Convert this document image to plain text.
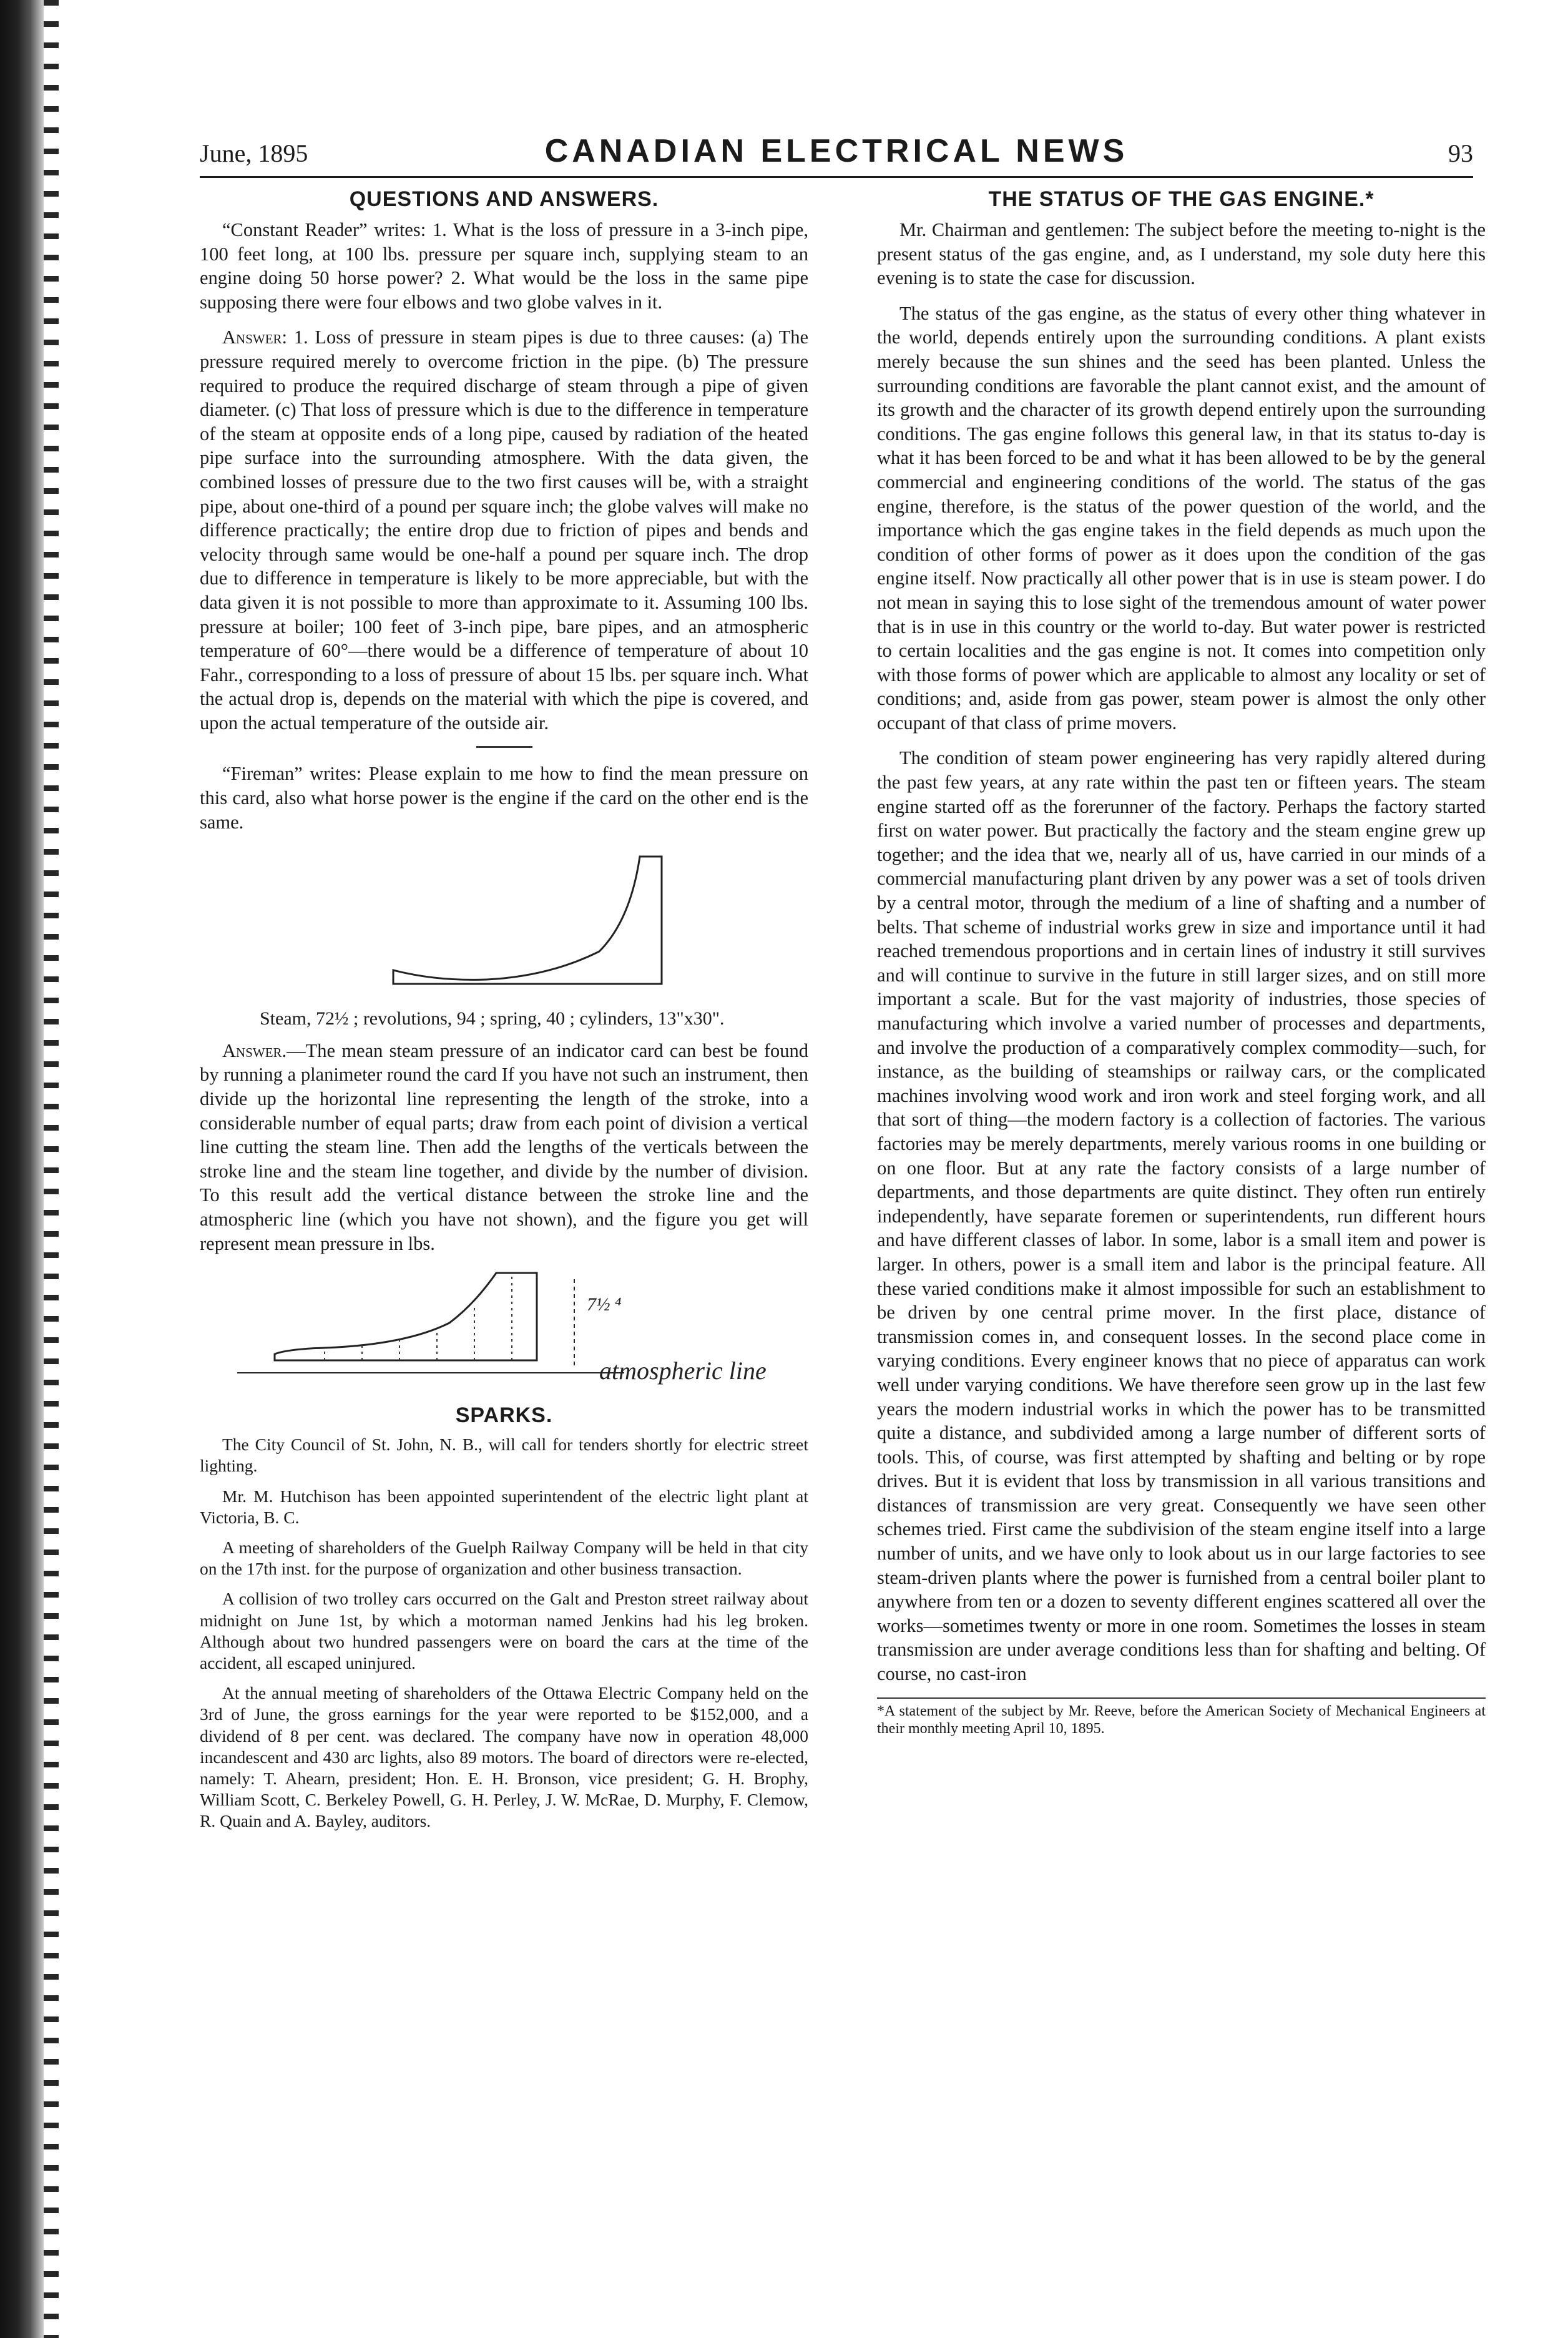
June, 1895	CANADIAN ELECTRICAL NEWS	93
QUESTIONS AND ANSWERS.

“Constant Reader” writes: 1. What is the loss of pressure in a 3-inch pipe, 100 feet long, at 100 lbs. pressure per square inch, supplying steam to an engine doing 50 horse power? 2. What would be the loss in the same pipe supposing there were four elbows and two globe valves in it.

Answer: 1. Loss of pressure in steam pipes is due to three causes: (a) The pressure required merely to overcome friction in the pipe. (b) The pressure required to produce the required discharge of steam through a pipe of given diameter. (c) That loss of pressure which is due to the difference in temperature of the steam at opposite ends of a long pipe, caused by radiation of the heated pipe surface into the surrounding atmosphere. With the data given, the combined losses of pressure due to the two first causes will be, with a straight pipe, about one-third of a pound per square inch; the globe valves will make no difference practically; the entire drop due to friction of pipes and bends and velocity through same would be one-half a pound per square inch. The drop due to difference in temperature is likely to be more appreciable, but with the data given it is not possible to more than approximate to it. Assuming 100 lbs. pressure at boiler; 100 feet of 3-inch pipe, bare pipes, and an atmospheric temperature of 60°—there would be a difference of temperature of about 10 Fahr., corresponding to a loss of pressure of about 15 lbs. per square inch. What the actual drop is, depends on the material with which the pipe is covered, and upon the actual temperature of the outside air.

“Fireman” writes: Please explain to me how to find the mean pressure on this card, also what horse power is the engine if the card on the other end is the same.

Steam, 72½ ; revolutions, 94 ; spring, 40 ; cylinders, 13"x30".

Answer.—The mean steam pressure of an indicator card can best be found by running a planimeter round the card If you have not such an instrument, then divide up the horizontal line representing the length of the stroke, into a considerable number of equal parts; draw from each point of division a vertical line cutting the steam line. Then add the lengths of the verticals between the stroke line and the steam line together, and divide by the number of division. To this result add the vertical distance between the stroke line and the atmospheric line (which you have not shown), and the figure you get will represent mean pressure in lbs.

7½ ⁴
atmospheric line
SPARKS.

The City Council of St. John, N. B., will call for tenders shortly for electric street lighting.

Mr. M. Hutchison has been appointed superintendent of the electric light plant at Victoria, B. C.

A meeting of shareholders of the Guelph Railway Company will be held in that city on the 17th inst. for the purpose of organization and other business transaction.

A collision of two trolley cars occurred on the Galt and Preston street railway about midnight on June 1st, by which a motorman named Jenkins had his leg broken. Although about two hundred passengers were on board the cars at the time of the accident, all escaped uninjured.

At the annual meeting of shareholders of the Ottawa Electric Company held on the 3rd of June, the gross earnings for the year were reported to be $152,000, and a dividend of 8 per cent. was declared. The company have now in operation 48,000 incandescent and 430 arc lights, also 89 motors. The board of directors were re-elected, namely: T. Ahearn, president; Hon. E. H. Bronson, vice president; G. H. Brophy, William Scott, C. Berkeley Powell, G. H. Perley, J. W. McRae, D. Murphy, F. Clemow, R. Quain and A. Bayley, auditors.

THE STATUS OF THE GAS ENGINE.*

Mr. Chairman and gentlemen: The subject before the meeting to-night is the present status of the gas engine, and, as I understand, my sole duty here this evening is to state the case for discussion.

The status of the gas engine, as the status of every other thing whatever in the world, depends entirely upon the surrounding conditions. A plant exists merely because the sun shines and the seed has been planted. Unless the surrounding conditions are favorable the plant cannot exist, and the amount of its growth and the character of its growth depend entirely upon the surrounding conditions. The gas engine follows this general law, in that its status to-day is what it has been forced to be and what it has been allowed to be by the general commercial and engineering conditions of the world. The status of the gas engine, therefore, is the status of the power question of the world, and the importance which the gas engine takes in the field depends as much upon the condition of other forms of power as it does upon the condition of the gas engine itself. Now practically all other power that is in use is steam power. I do not mean in saying this to lose sight of the tremendous amount of water power that is in use in this country or the world to-day. But water power is restricted to certain localities and the gas engine is not. It comes into competition only with those forms of power which are applicable to almost any locality or set of conditions; and, aside from gas power, steam power is almost the only other occupant of that class of prime movers.

The condition of steam power engineering has very rapidly altered during the past few years, at any rate within the past ten or fifteen years. The steam engine started off as the forerunner of the factory. Perhaps the factory started first on water power. But practically the factory and the steam engine grew up together; and the idea that we, nearly all of us, have carried in our minds of a commercial manufacturing plant driven by any power was a set of tools driven by a central motor, through the medium of a line of shafting and a number of belts. That scheme of industrial works grew in size and importance until it had reached tremendous proportions and in certain lines of industry it still survives and will continue to survive in the future in still larger sizes, and on still more important a scale. But for the vast majority of industries, those species of manufacturing which involve a varied number of processes and departments, and involve the production of a comparatively complex commodity—such, for instance, as the building of steamships or railway cars, or the complicated machines involving wood work and iron work and steel forging work, and all that sort of thing—the modern factory is a collection of factories. The various factories may be merely departments, merely various rooms in one building or on one floor. But at any rate the factory consists of a large number of departments, and those departments are quite distinct. They often run entirely independently, have separate foremen or superintendents, run different hours and have different classes of labor. In some, labor is a small item and power is larger. In others, power is a small item and labor is the principal feature. All these varied conditions make it almost impossible for such an establishment to be driven by one central prime mover. In the first place, distance of transmission comes in, and consequent losses. In the second place come in varying conditions. Every engineer knows that no piece of apparatus can work well under varying conditions. We have therefore seen grow up in the last few years the modern industrial works in which the power has to be transmitted quite a distance, and subdivided among a large number of different sorts of tools. This, of course, was first attempted by shafting and belting or by rope drives. But it is evident that loss by transmission in all various transitions and distances of transmission are very great. Consequently we have seen other schemes tried. First came the subdivision of the steam engine itself into a large number of units, and we have only to look about us in our large factories to see steam-driven plants where the power is furnished from a central boiler plant to anywhere from ten or a dozen to seventy different engines scattered all over the works—sometimes twenty or more in one room. Sometimes the losses in steam transmission are under average conditions less than for shafting and belting. Of course, no cast-iron

*A statement of the subject by Mr. Reeve, before the American Society of Mechanical Engineers at their monthly meeting April 10, 1895.
